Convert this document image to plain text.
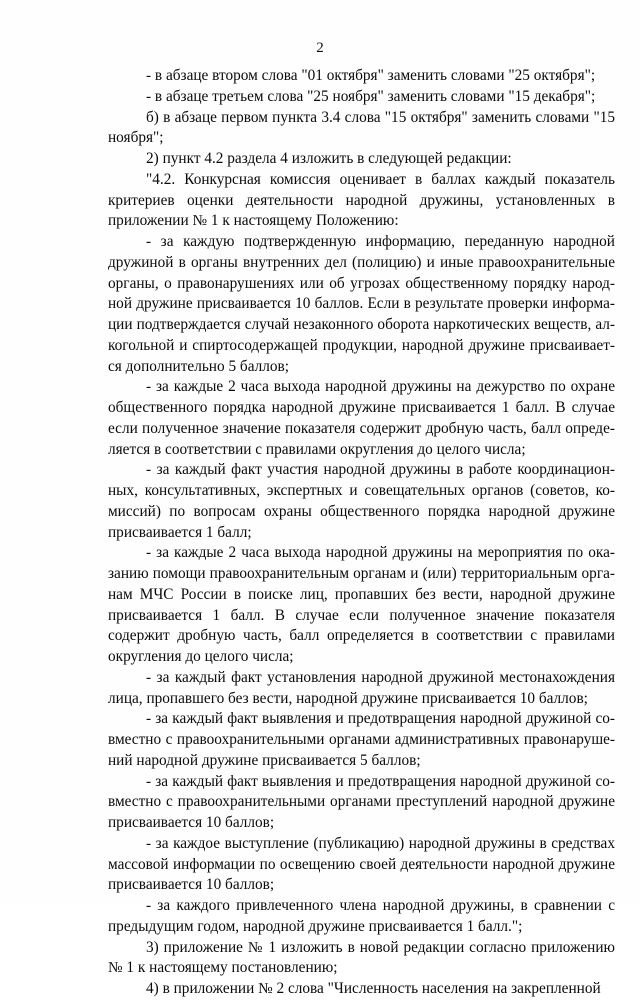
2

- в абзаце втором слова "01 октября" заменить словами "25 октября";

- в абзаце третьем слова "25 ноября" заменить словами "15 декабря";

б) в абзаце первом пункта 3.4 слова "15 октября" заменить словами "15 ноября";

2) пункт 4.2 раздела 4 изложить в следующей редакции:

"4.2. Конкурсная комиссия оценивает в баллах каждый показатель критериев оценки деятельности народной дружины, установленных в приложении № 1 к настоящему Положению:

- за каждую подтвержденную информацию, переданную народной дружиной в органы внутренних дел (полицию) и иные правоохранительные органы, о правонарушениях или об угрозах общественному порядку народной дружине присваивается 10 баллов. Если в результате проверки информации подтверждается случай незаконного оборота наркотических веществ, алкогольной и спиртосодержащей продукции, народной дружине присваивается дополнительно 5 баллов;

- за каждые 2 часа выхода народной дружины на дежурство по охране общественного порядка народной дружине присваивается 1 балл. В случае если полученное значение показателя содержит дробную часть, балл определяется в соответствии с правилами округления до целого числа;

- за каждый факт участия народной дружины в работе координационных, консультативных, экспертных и совещательных органов (советов, комиссий) по вопросам охраны общественного порядка народной дружине присваивается 1 балл;

- за каждые 2 часа выхода народной дружины на мероприятия по оказанию помощи правоохранительным органам и (или) территориальным органам МЧС России в поиске лиц, пропавших без вести, народной дружине присваивается 1 балл. В случае если полученное значение показателя содержит дробную часть, балл определяется в соответствии с правилами округления до целого числа;

- за каждый факт установления народной дружиной местонахождения лица, пропавшего без вести, народной дружине присваивается 10 баллов;

- за каждый факт выявления и предотвращения народной дружиной совместно с правоохранительными органами административных правонарушений народной дружине присваивается 5 баллов;

- за каждый факт выявления и предотвращения народной дружиной совместно с правоохранительными органами преступлений народной дружине присваивается 10 баллов;

- за каждое выступление (публикацию) народной дружины в средствах массовой информации по освещению своей деятельности народной дружине присваивается 10 баллов;

- за каждого привлеченного члена народной дружины, в сравнении с предыдущим годом, народной дружине присваивается 1 балл.";

3) приложение № 1 изложить в новой редакции согласно приложению № 1 к настоящему постановлению;

4) в приложении № 2 слова "Численность населения на закрепленной
